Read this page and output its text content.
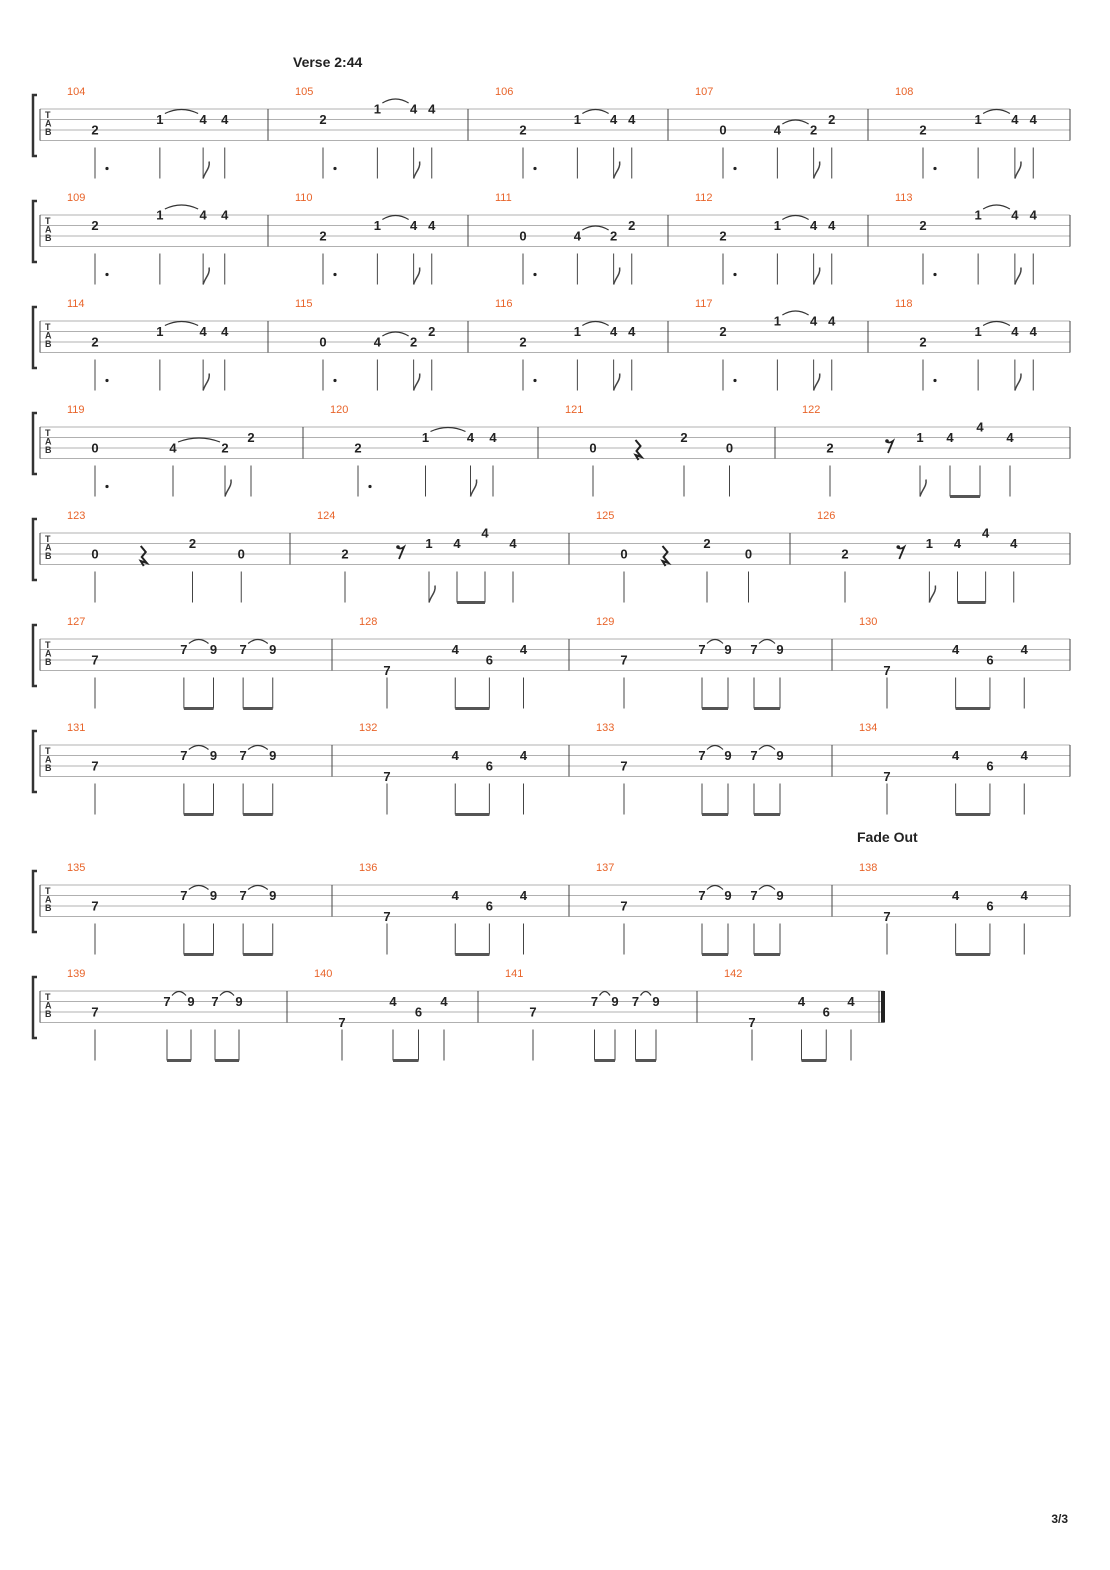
Verse 2:44
Fade Out
T
A
B
104
2
1	4 4
105
2
1 4 4
106
2
1 4 4
107
0	4 2
2
108
2
1 4 4
T
A
B
109
2
1	4 4
110
2
1 4 4
111
0	4 2
2
112
2
1 4 4
113
2
1 4 4
T
A
B
114
2
1	4 4
115
0	4 2
2
116
2
1 4 4
117
2
1 4 4
118
2
1 4 4
T
A
B
119
0	4	2
2
120
2
1	4 4
121
0
2
0
122
2
1 4
4
4
T
A
B
123
0
2
0
124
2
1 4
4
4
125
0
2
0
126
2
1 4
4
4
T
A
B
127
7
7 9 7 9
128
7
4
6
4
129
7
7 9 7 9
130
7
4
6
4
T
A
B
131
7
7 9 7 9
132
7
4
6
4
133
7
7 9 7 9
134
7
4
6
4
T
A
B
135
7
7 9 7 9
136
7
4
6
4
137
7
7 9 7 9
138
7
4
6
4
T
A
B
139
7
7 9 7 9
140
7
4
6
4
141
7
7 9 7 9
142
7
4
6
4
3/3
